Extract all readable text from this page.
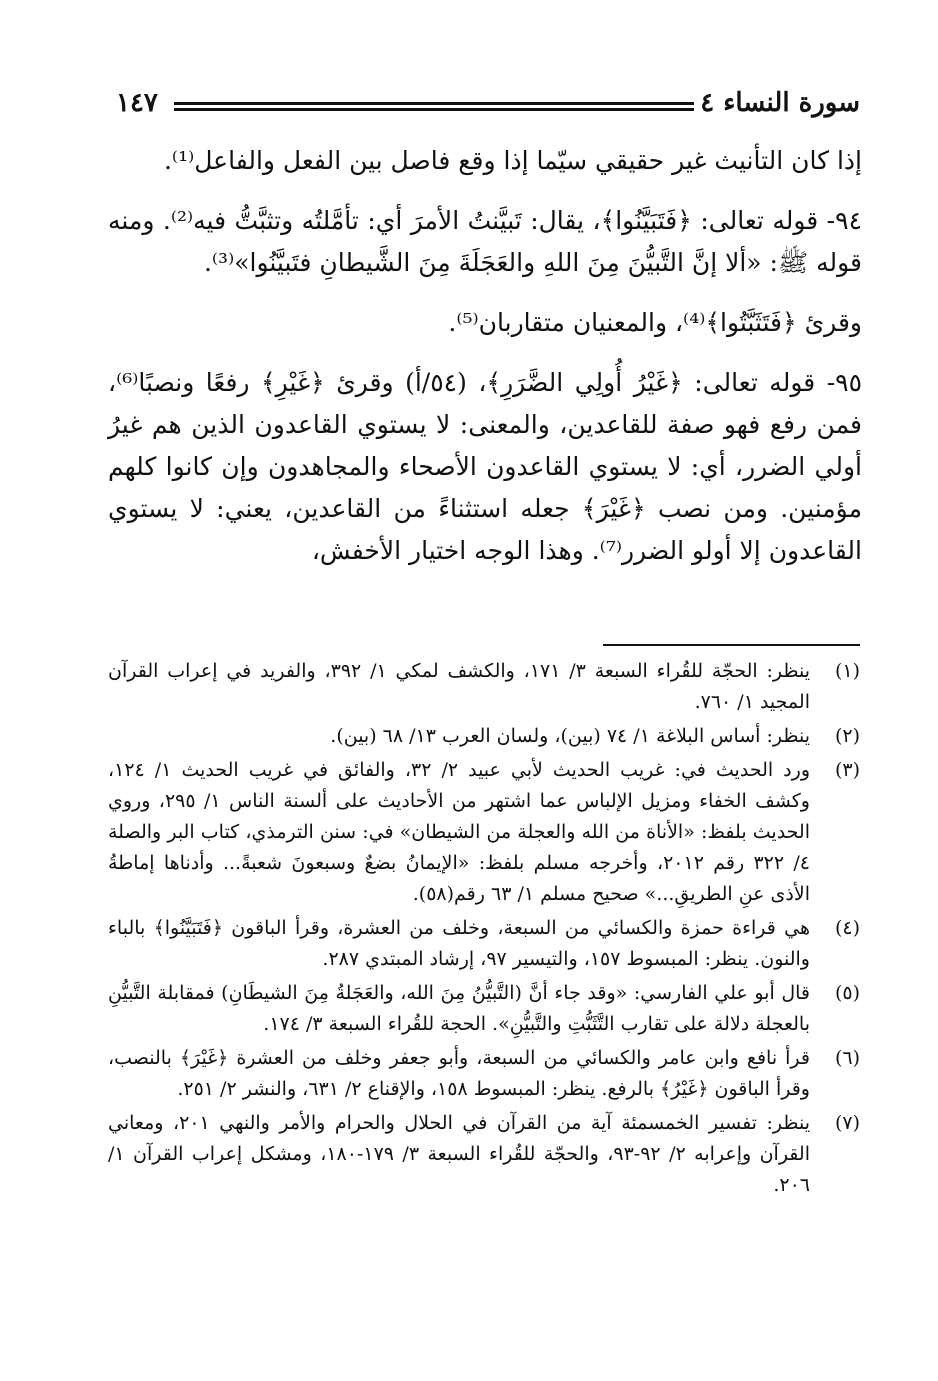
سورة النساء ٤
١٤٧

إذا كان التأنيث غير حقيقي سيّما إذا وقع فاصل بين الفعل والفاعل⁽¹⁾.

٩٤- قوله تعالى: ﴿فَتَبَيَّنُوا﴾، يقال: تَبيَّنتُ الأمرَ أي: تأمَّلتُه وتثبَّتُّ فيه⁽²⁾. ومنه قوله ﷺ: «ألا إنَّ التَّبيُّنَ مِنَ اللهِ والعَجَلَةَ مِنَ الشَّيطانِ فتَبيَّنُوا»⁽³⁾.

وقرئ ﴿فَتَثَبَّتُوا﴾⁽⁴⁾، والمعنيان متقاربان⁽⁵⁾.

٩٥- قوله تعالى: ﴿غَيْرُ أُولِي الضَّرَرِ﴾، (٥٤/أ) وقرئ ﴿غَيْرِ﴾ رفعًا ونصبًا⁽⁶⁾، فمن رفع فهو صفة للقاعدين، والمعنى: لا يستوي القاعدون الذين هم غيرُ أولي الضرر، أي: لا يستوي القاعدون الأصحاء والمجاهدون وإن كانوا كلهم مؤمنين. ومن نصب ﴿غَيْرَ﴾ جعله استثناءً من القاعدين، يعني: لا يستوي القاعدون إلا أولو الضرر⁽⁷⁾. وهذا الوجه اختيار الأخفش،

(١)
ينظر: الحجّة للقُراء السبعة ٣/ ١٧١، والكشف لمكي ١/ ٣٩٢، والفريد في إعراب القرآن المجيد ١/ ٧٦٠.
(٢)
ينظر: أساس البلاغة ١/ ٧٤ (بين)، ولسان العرب ١٣/ ٦٨ (بين).
(٣)
ورد الحديث في: غريب الحديث لأبي عبيد ٢/ ٣٢، والفائق في غريب الحديث ١/ ١٢٤، وكشف الخفاء ومزيل الإلباس عما اشتهر من الأحاديث على ألسنة الناس ١/ ٢٩٥، وروي الحديث بلفظ: «الأناة من الله والعجلة من الشيطان» في: سنن الترمذي، كتاب البر والصلة ٤/ ٣٢٢ رقم ٢٠١٢، وأخرجه مسلم بلفظ: «الإيمانُ بضعٌ وسبعونَ شعبةً... وأدناها إماطةُ الأذى عنِ الطريقِ...» صحيح مسلم ١/ ٦٣ رقم(٥٨).
(٤)
هي قراءة حمزة والكسائي من السبعة، وخلف من العشرة، وقرأ الباقون ﴿فَتَبَيَّنُوا﴾ بالباء والنون. ينظر: المبسوط ١٥٧، والتيسير ٩٧، إرشاد المبتدي ٢٨٧.
(٥)
قال أبو علي الفارسي: «وقد جاء أنَّ (التَّبيُّنُ مِنَ الله، والعَجَلةُ مِنَ الشيطَانِ) فمقابلة التَّبيُّنِ بالعجلة دلالة على تقارب التَّثَبُّتِ والتَّبيُّنِ». الحجة للقُراء السبعة ٣/ ١٧٤.
(٦)
قرأ نافع وابن عامر والكسائي من السبعة، وأبو جعفر وخلف من العشرة ﴿غَيْرَ﴾ بالنصب، وقرأ الباقون ﴿غَيْرُ﴾ بالرفع. ينظر: المبسوط ١٥٨، والإقناع ٢/ ٦٣١، والنشر ٢/ ٢٥١.
(٧)
ينظر: تفسير الخمسمئة آية من القرآن في الحلال والحرام والأمر والنهي ٢٠١، ومعاني القرآن وإعرابه ٢/ ٩٢-٩٣، والحجّة للقُراء السبعة ٣/ ١٧٩-١٨٠، ومشكل إعراب القرآن ١/ ٢٠٦.
